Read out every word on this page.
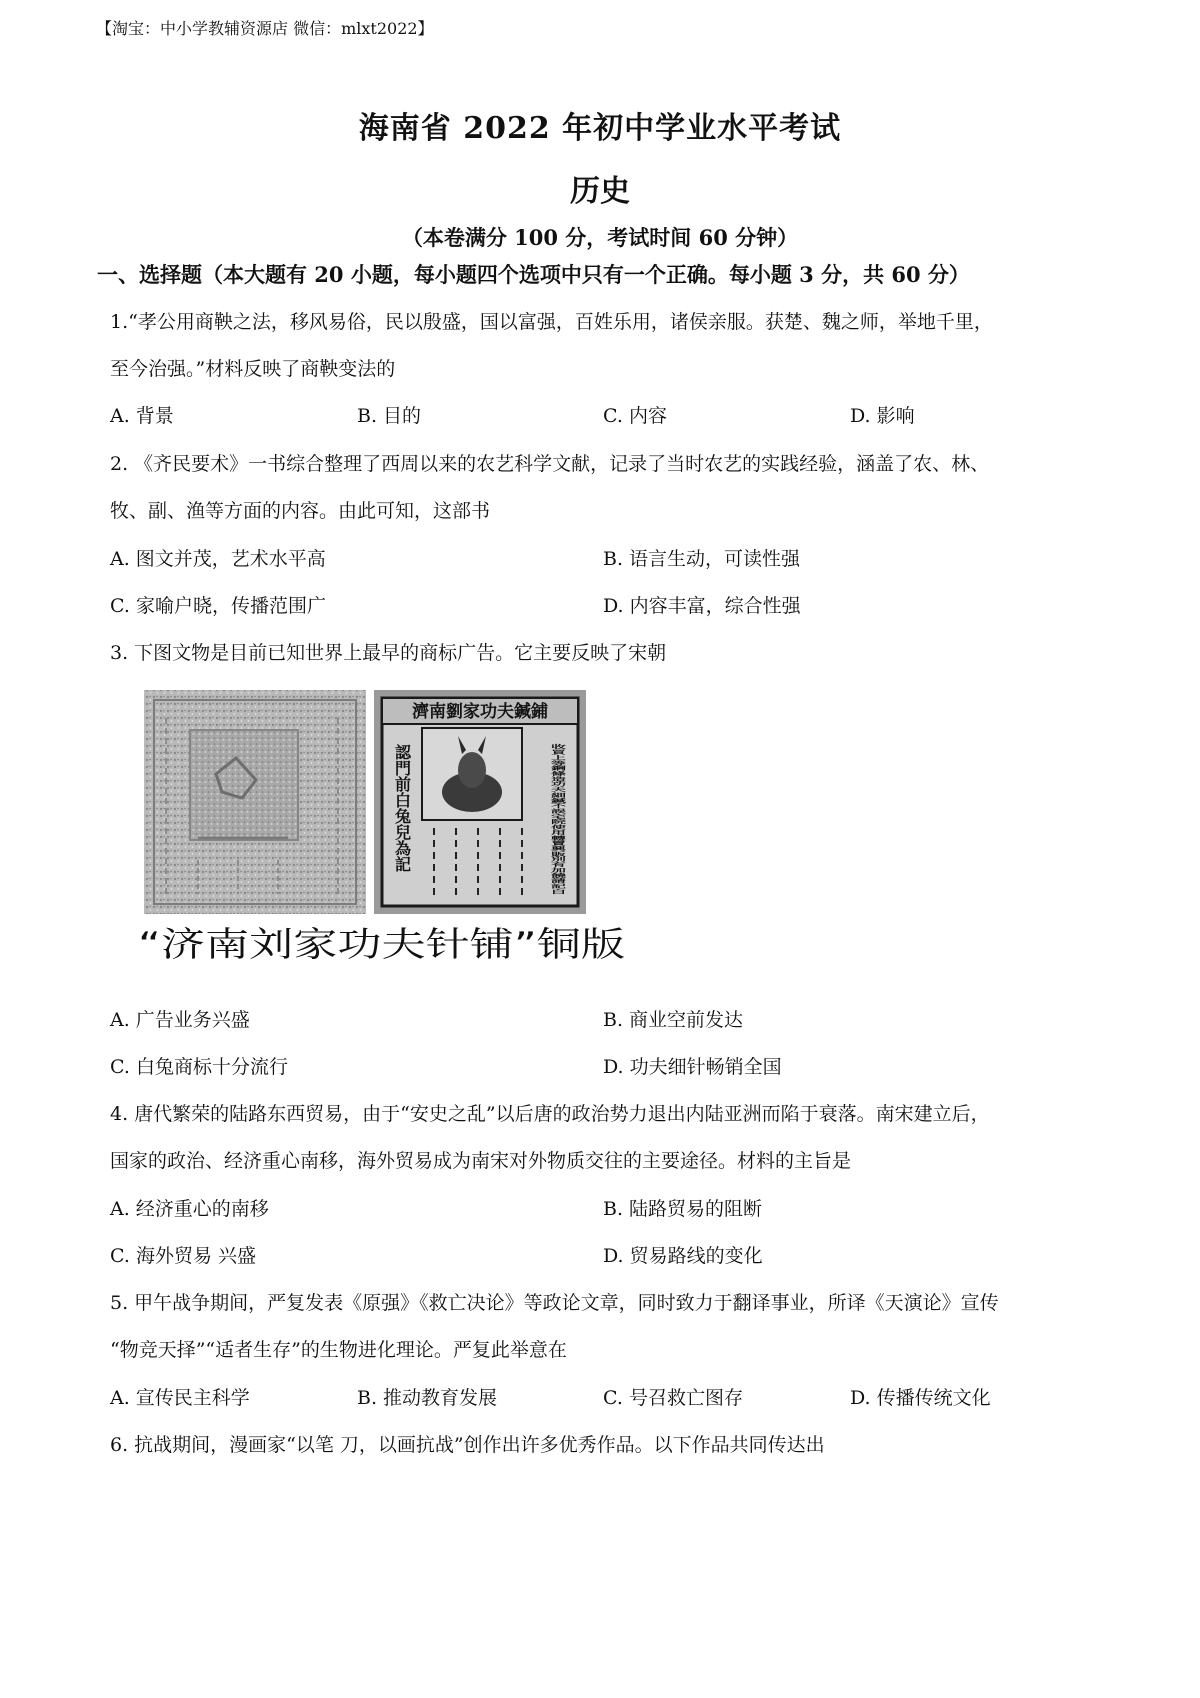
【淘宝：中小学教辅资源店 微信：mlxt2022】
海南省 2022 年初中学业水平考试
历史
（本卷满分 100 分，考试时间 60 分钟）
一、选择题（本大题有 20 小题，每小题四个选项中只有一个正确。每小题 3 分，共 60 分）
1.“孝公用商鞅之法，移风易俗，民以殷盛，国以富强，百姓乐用，诸侯亲服。获楚、魏之师，举地千里，
至今治强。”材料反映了商鞅变法的
A. 背景	B. 目的	C. 内容	D. 影响
2. 《齐民要术》一书综合整理了西周以来的农艺科学文献，记录了当时农艺的实践经验，涵盖了农、林、
牧、副、渔等方面的内容。由此可知，这部书
A. 图文并茂，艺术水平高	B. 语言生动，可读性强
C. 家喻户晓，传播范围广	D. 内容丰富，综合性强
3. 下图文物是目前已知世界上最早的商标广告。它主要反映了宋朝
濟南劉家功夫鍼鋪
認門前白兔兒為記	收買上等鋼條造功夫細鍼不誤宅院使用轉賣興販別有加饒請記白
“济南刘家功夫针铺”铜版
A. 广告业务兴盛	B. 商业空前发达
C. 白兔商标十分流行	D. 功夫细针畅销全国
4. 唐代繁荣的陆路东西贸易，由于“安史之乱”以后唐的政治势力退出内陆亚洲而陷于衰落。南宋建立后，
国家的政治、经济重心南移，海外贸易成为南宋对外物质交往的主要途径。材料的主旨是
A. 经济重心的南移	B. 陆路贸易的阻断
C. 海外贸易 兴盛	D. 贸易路线的变化
5. 甲午战争期间，严复发表《原强》《救亡决论》等政论文章，同时致力于翻译事业，所译《天演论》宣传
“物竞天择”“适者生存”的生物进化理论。严复此举意在
A. 宣传民主科学	B. 推动教育发展	C. 号召救亡图存	D. 传播传统文化
6. 抗战期间，漫画家“以笔 刀，以画抗战”创作出许多优秀作品。以下作品共同传达出
